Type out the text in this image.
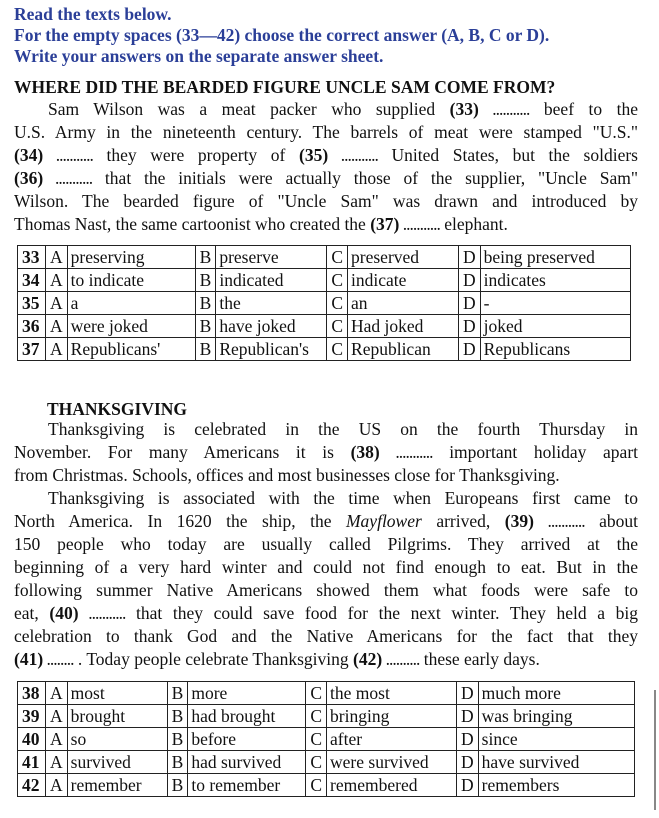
Read the texts below.
For the empty spaces (33—42) choose the correct answer (A, B, C or D).
Write your answers on the separate answer sheet.
WHERE DID THE BEARDED FIGURE UNCLE SAM COME FROM?
Sam Wilson was a meat packer who supplied (33) ........... beef to the
U.S. Army in the nineteenth century. The barrels of meat were stamped "U.S."
(34) ........... they were property of (35) ........... United States, but the soldiers
(36) ........... that the initials were actually those of the supplier, "Uncle Sam"
Wilson. The bearded figure of "Uncle Sam" was drawn and introduced by
Thomas Nast, the same cartoonist who created the (37) ........... elephant.
33	A	preserving	B	preserve	C	preserved	D	being preserved
34	A	to indicate	B	indicated	C	indicate	D	indicates
35	A	a	B	the	C	an	D	-
36	A	were joked	B	have joked	C	Had joked	D	joked
37	A	Republicans'	B	Republican's	C	Republican	D	Republicans
THANKSGIVING
Thanksgiving is celebrated in the US on the fourth Thursday in
November. For many Americans it is (38) ........... important holiday apart
from Christmas. Schools, offices and most businesses close for Thanksgiving.
Thanksgiving is associated with the time when Europeans first came to
North America. In 1620 the ship, the Mayflower arrived, (39) ........... about
150 people who today are usually called Pilgrims. They arrived at the
beginning of a very hard winter and could not find enough to eat. But in the
following summer Native Americans showed them what foods were safe to
eat, (40) ........... that they could save food for the next winter. They held a big
celebration to thank God and the Native Americans for the fact that they
(41) ........ . Today people celebrate Thanksgiving (42) .......... these early days.
38	A	most	B	more	C	the most	D	much more
39	A	brought	B	had brought	C	bringing	D	was bringing
40	A	so	B	before	C	after	D	since
41	A	survived	B	had survived	C	were survived	D	have survived
42	A	remember	B	to remember	C	remembered	D	remembers
